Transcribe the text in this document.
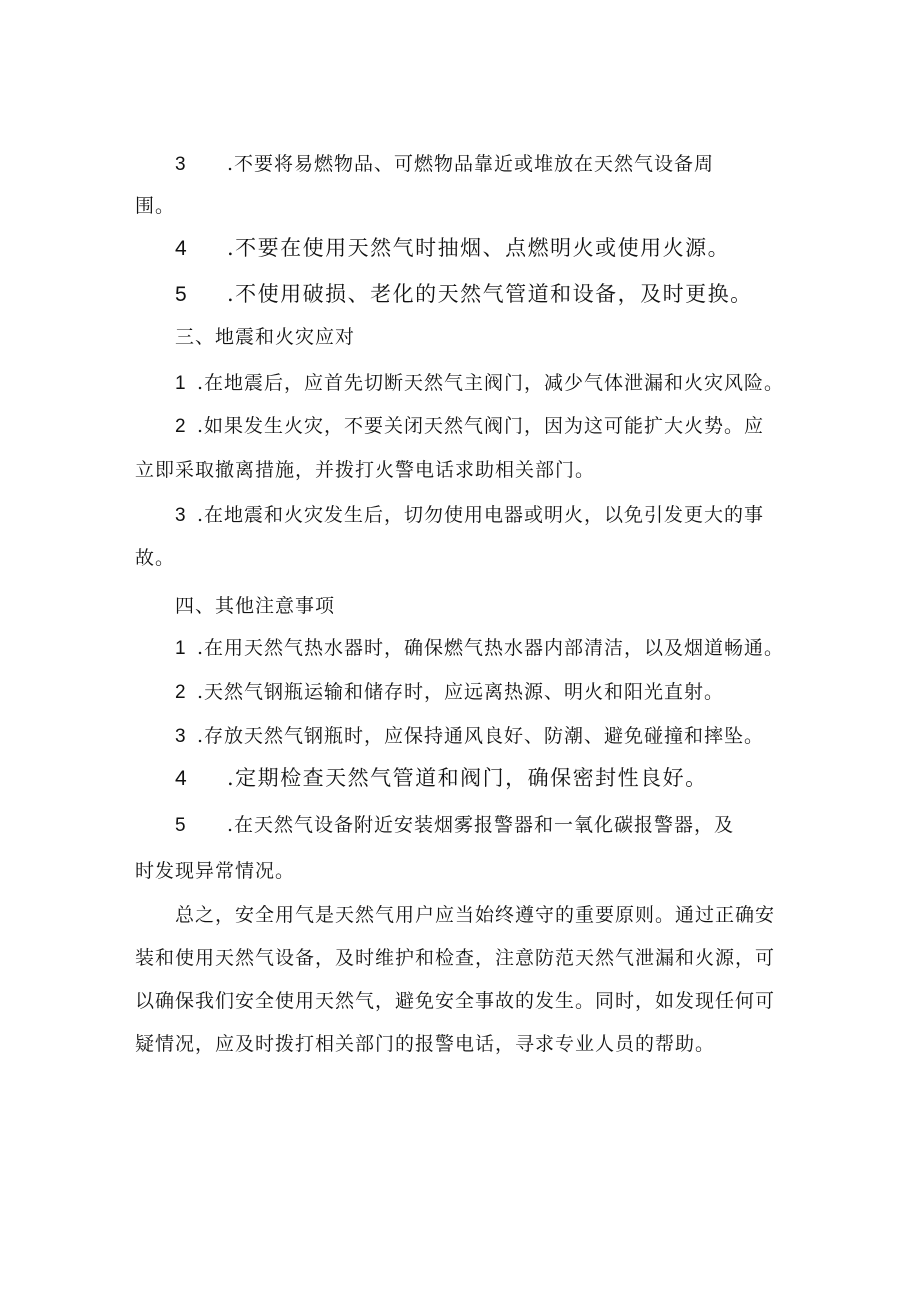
3 .不要将易燃物品、可燃物品靠近或堆放在天然气设备周
围。
4 .不要在使用天然气时抽烟、点燃明火或使用火源。
5 .不使用破损、老化的天然气管道和设备，及时更换。
三、地震和火灾应对
1 .在地震后，应首先切断天然气主阀门，减少气体泄漏和火灾风险。
2 .如果发生火灾，不要关闭天然气阀门，因为这可能扩大火势。应
立即采取撤离措施，并拨打火警电话求助相关部门。
3 .在地震和火灾发生后，切勿使用电器或明火，以免引发更大的事
故。
四、其他注意事项
1 .在用天然气热水器时，确保燃气热水器内部清洁，以及烟道畅通。
2 .天然气钢瓶运输和储存时，应远离热源、明火和阳光直射。
3 .存放天然气钢瓶时，应保持通风良好、防潮、避免碰撞和摔坠。
4 .定期检查天然气管道和阀门，确保密封性良好。
5 .在天然气设备附近安装烟雾报警器和一氧化碳报警器，及
时发现异常情况。
总之，安全用气是天然气用户应当始终遵守的重要原则。通过正确安
装和使用天然气设备，及时维护和检查，注意防范天然气泄漏和火源，可
以确保我们安全使用天然气，避免安全事故的发生。同时，如发现任何可
疑情况，应及时拨打相关部门的报警电话，寻求专业人员的帮助。
